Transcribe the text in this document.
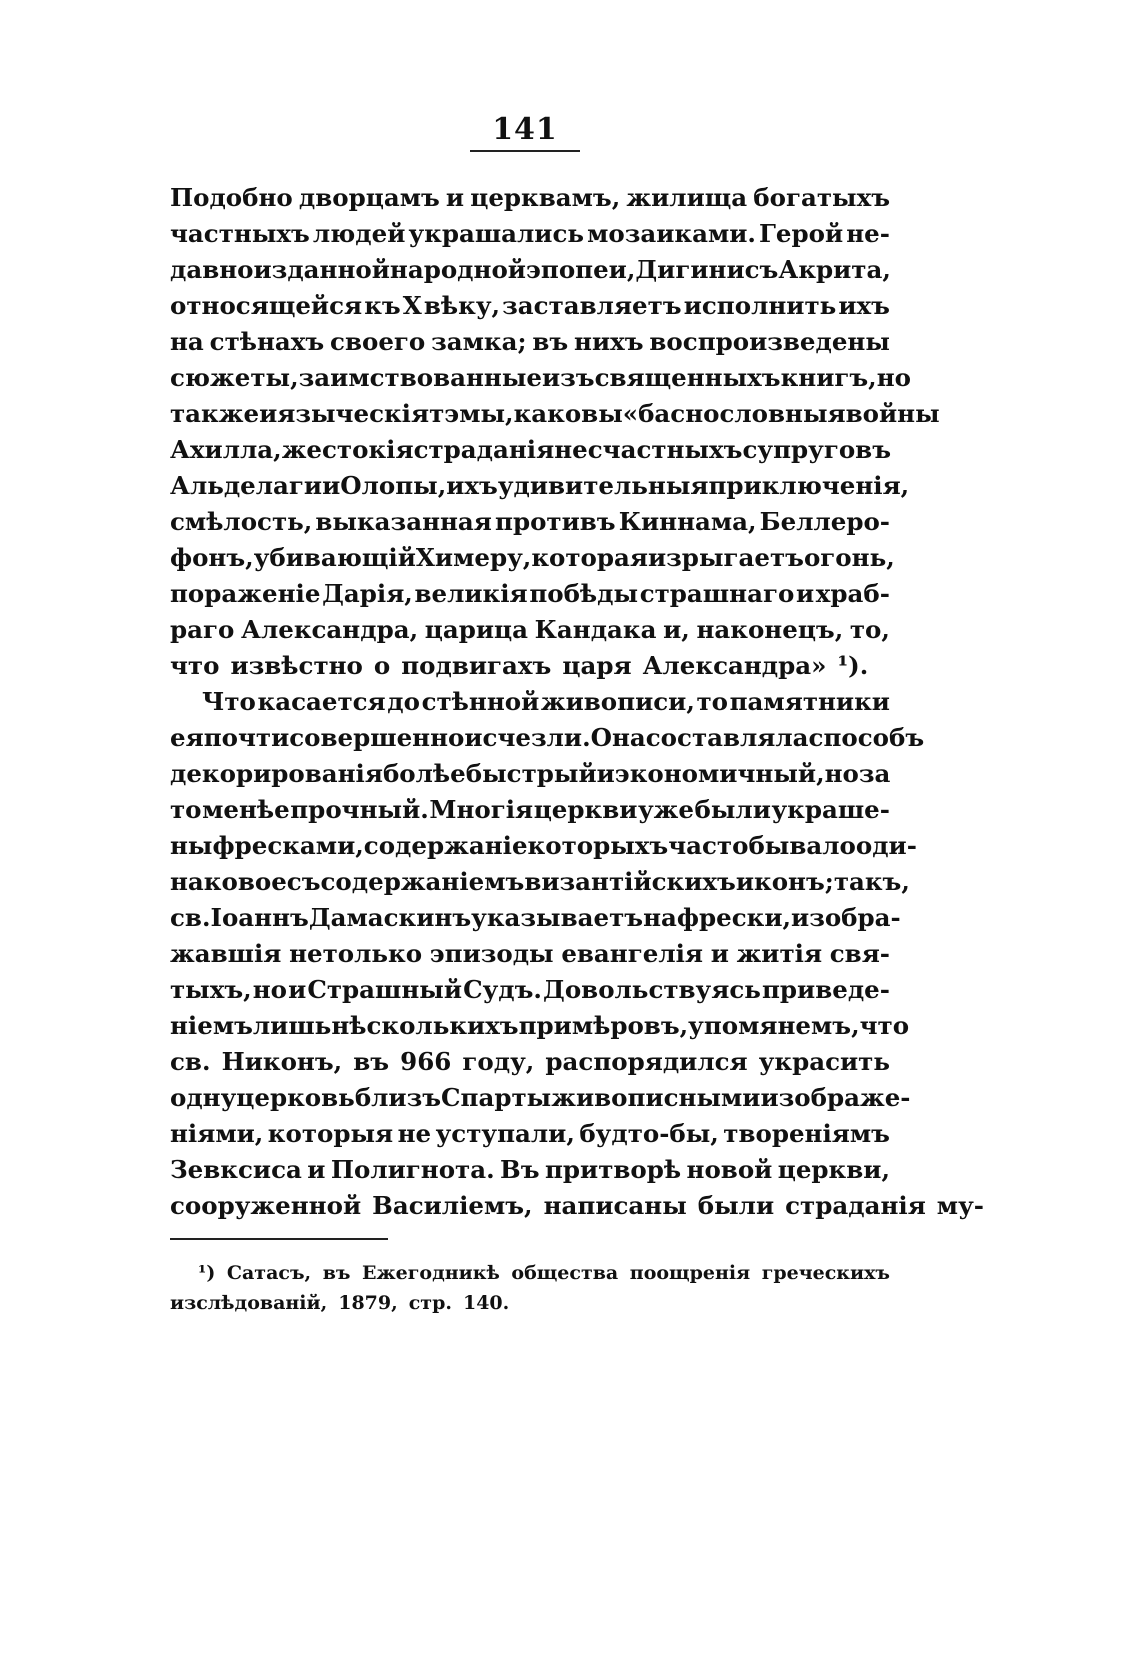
141
Подобно дворцамъ и церквамъ, жилища богатыхъ
частныхъ людей украшались мозаиками. Герой не-
давно изданной народной эпопеи, Дигинисъ Акрита,
относящейся къ X вѣку, заставляетъ исполнить ихъ
на стѣнахъ своего замка; въ нихъ воспроизведены
сюжеты, заимствованные изъ священныхъ книгъ, но
также и языческія тэмы, каковы «баснословныя войны
Ахилла, жестокія страданія несчастныхъ супруговъ
Альделаги и Олопы, ихъ удивительныя приключенія,
смѣлость, выказанная противъ Киннама, Беллеро-
фонъ, убивающій Химеру, которая изрыгаетъ огонь,
пораженіе Дарія, великія побѣды страшнаго и храб-
раго Александра, царица Кандака и, наконецъ, то,
что извѣстно о подвигахъ царя Александра» ¹).
Что касается до стѣнной живописи, то памятники
ея почти совершенно исчезли. Она составляла способъ
декорированія болѣе быстрый и экономичный, но за
то менѣе прочный. Многія церкви уже были украше-
ны фресками, содержаніе которыхъ часто бывало оди-
наковое съ содержаніемъ византійскихъ иконъ; такъ,
св. Іоаннъ Дамаскинъ указываетъ на фрески, изобра-
жавшія нетолько эпизоды евангелія и житія свя-
тыхъ, но и Страшный Судъ. Довольствуясь приведе-
ніемъ лишь нѣсколькихъ примѣровъ, упомянемъ, что
св. Никонъ, въ 966 году, распорядился украсить
одну церковь близъ Спарты живописными изображе-
ніями, которыя не уступали, будто-бы, твореніямъ
Зевксиса и Полигнота. Въ притворѣ новой церкви,
сооруженной Василіемъ, написаны были страданія му-
¹) Сатасъ, въ Ежегодникѣ общества поощренія греческихъ
изслѣдованій, 1879, стр. 140.
